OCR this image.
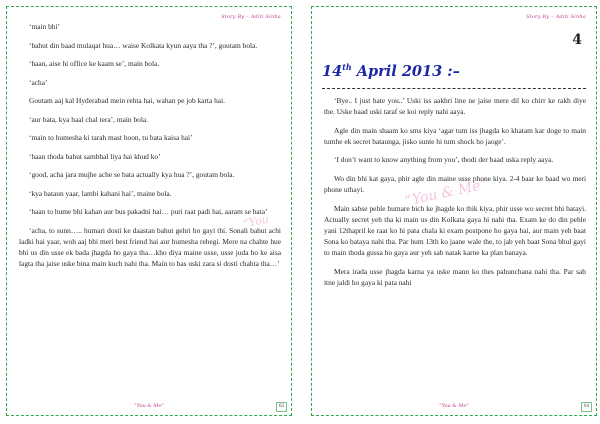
Story By – Aditi Sinha
“You

‘main bhi’

‘bahut din baad mulaqat hua… waise Kolkata kyun aaya tha ?’, goutam bola.

‘haan, aise hi office ke kaam se’, main bola.

‘acha’

Goutam aaj kal Hyderabad mein rehta hai, wahan pe job karta hai.

‘aur bata, kya haal chal tera’, main bola.

‘main to humesha ki tarah mast hoon, tu bata kaisa hai’

‘haan thoda bahut sambhal liya hai khud ko’

‘good, acha jara mujhe ache se bata actually kya hua ?’, goutam bola.

‘kya bataun yaar, lambi kahani hai’, maine bola.

‘haan to hume bhi kahan aur bus pakadni hai… puri raat padi hai, aaram se bata’

‘acha, to sunn….. humari dosti ke daastan bahut gehri ho gayi thi. Sonali bahut achi ladki hai yaar, woh aaj bhi meri best friend hai aur humesha rehegi. Mere na chahte hue bhi us din usse ek bada jhagda ho gaya tha…kho diya maine usse, usse juda ho ke aisa lagta tha jaise uske bina main kuch nahi tha. Main to bas uski zara si dosti chahta tha…’

"You & Me"	63
Story By – Aditi Sinha
4
14th April 2013 :–
“You & Me”

‘Bye.. I just hate you..’ Uski iss aakhri line ne jaise mere dil ko chirr ke rakh diye the. Uske baad uski taraf se koi reply nahi aaya.

Agle din main shaam ko sms kiya ‘agar tum iss jhagda ko khatam kar doge to main tumhe ek secret bataunga, jisko sunte hi tum shock ho jaoge’.

‘I don’t want to know anything from you’, thodi der baad uska reply aaya.

Wo din bhi kat gaya, phir agle din maine usse phone kiya. 2-4 baar ke baad wo meri phone uthayi.

Main sabse pehle humare bich ke jhagde ko thik kiya, phir usse wo secret bhi batayi. Actually secret yeh tha ki main us din Kolkata gaya hi nahi tha. Exam ke do din pehle yani 12thapril ke raat ko hi pata chala ki exam postpone ho gaya hai, aur main yeh baat Sona ko bataya nahi tha. Par hum 13th ko jaane wale the, to jab yeh baat Sona bhul gayi to main thoda gussa ho gaya aur yeh sab natak karne ka plan banaya.

Mera irada usse jhagda karna ya uske mann ko thes pahunchana nahi tha. Par sab itne jaldi ho gaya ki pata nahi

"You & Me"	64
